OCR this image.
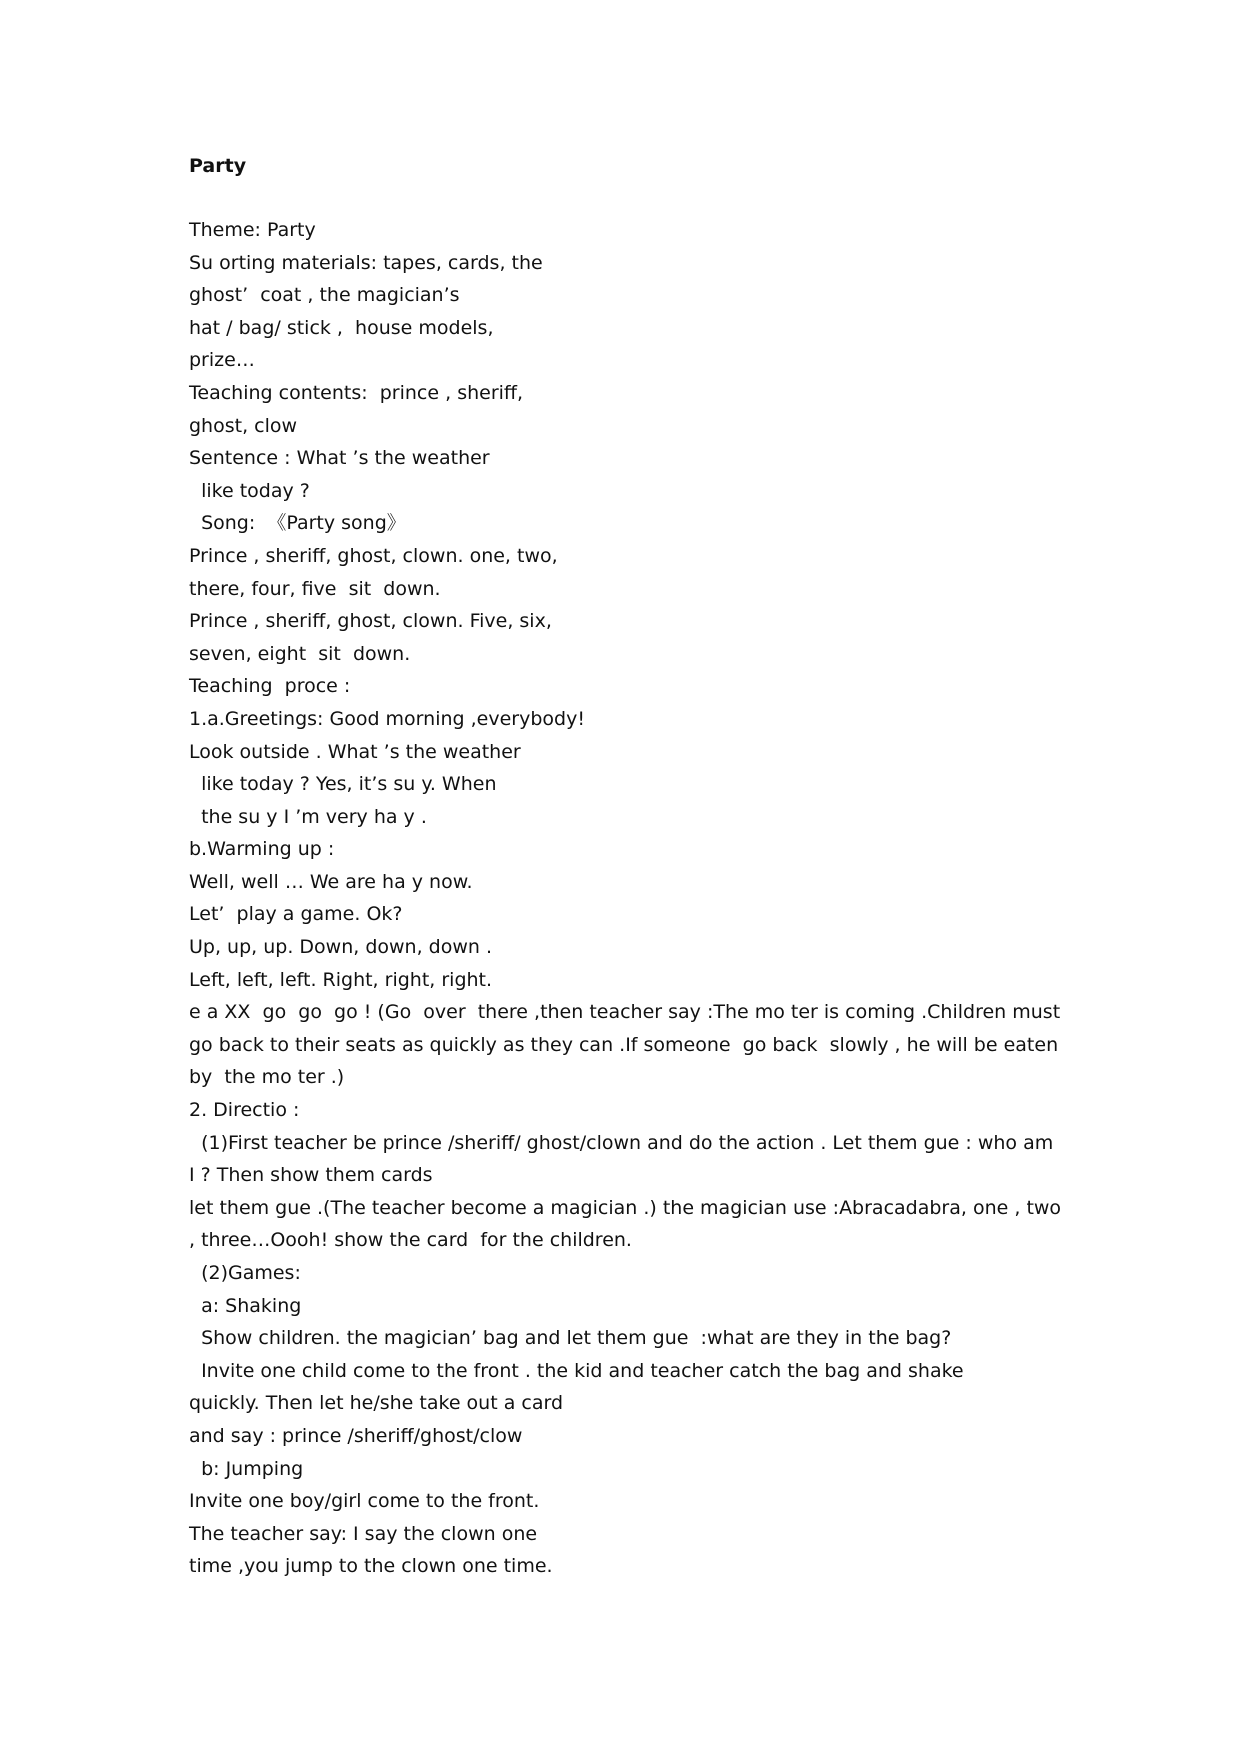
Party
Theme: Party
Su orting materials: tapes, cards, the
ghost’  coat , the magician’s
hat / bag/ stick ,  house models,
prize…
Teaching contents:  prince , sheriff,
ghost, clow
Sentence : What ’s the weather
like today ?
Song:  《Party song》
Prince , sheriff, ghost, clown. one, two,
there, four, five  sit  down.
Prince , sheriff, ghost, clown. Five, six,
seven, eight  sit  down.
Teaching  proce :
1.a.Greetings: Good morning ,everybody!
Look outside . What ’s the weather
like today ? Yes, it’s su y. When
the su y I ’m very ha y .
b.Warming up :
Well, well … We are ha y now.
Let’  play a game. Ok?
Up, up, up. Down, down, down .
Left, left, left. Right, right, right.
e a XX  go  go  go ! (Go  over  there ,then teacher say :The mo ter is coming .Children must
go back to their seats as quickly as they can .If someone  go back  slowly , he will be eaten
by  the mo ter .)
2. Directio :
(1)First teacher be prince /sheriff/ ghost/clown and do the action . Let them gue : who am
I ? Then show them cards
let them gue .(The teacher become a magician .) the magician use :Abracadabra, one , two
, three…Oooh! show the card  for the children.
(2)Games:
a: Shaking
Show children. the magician’ bag and let them gue  :what are they in the bag?
Invite one child come to the front . the kid and teacher catch the bag and shake
quickly. Then let he/she take out a card
and say : prince /sheriff/ghost/clow
b: Jumping
Invite one boy/girl come to the front.
The teacher say: I say the clown one
time ,you jump to the clown one time.
